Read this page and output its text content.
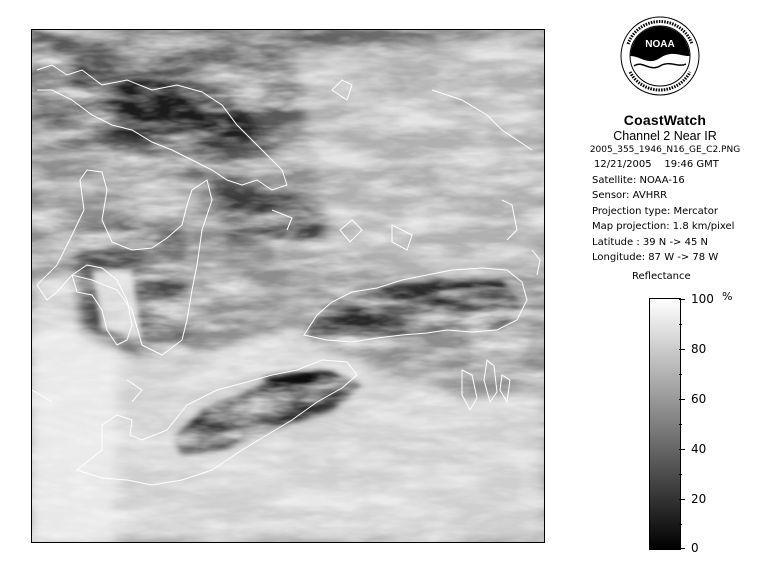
NOAA
CoastWatch
Channel 2 Near IR
2005_355_1946_N16_GE_C2.PNG
12/21/2005 19:46 GMT
Satellite: NOAA-16
Sensor: AVHRR
Projection type: Mercator
Map projection: 1.8 km/pixel
Latitude : 39 N -> 45 N
Longitude: 87 W -> 78 W
Reflectance
%
100
80
60
40
20
0
